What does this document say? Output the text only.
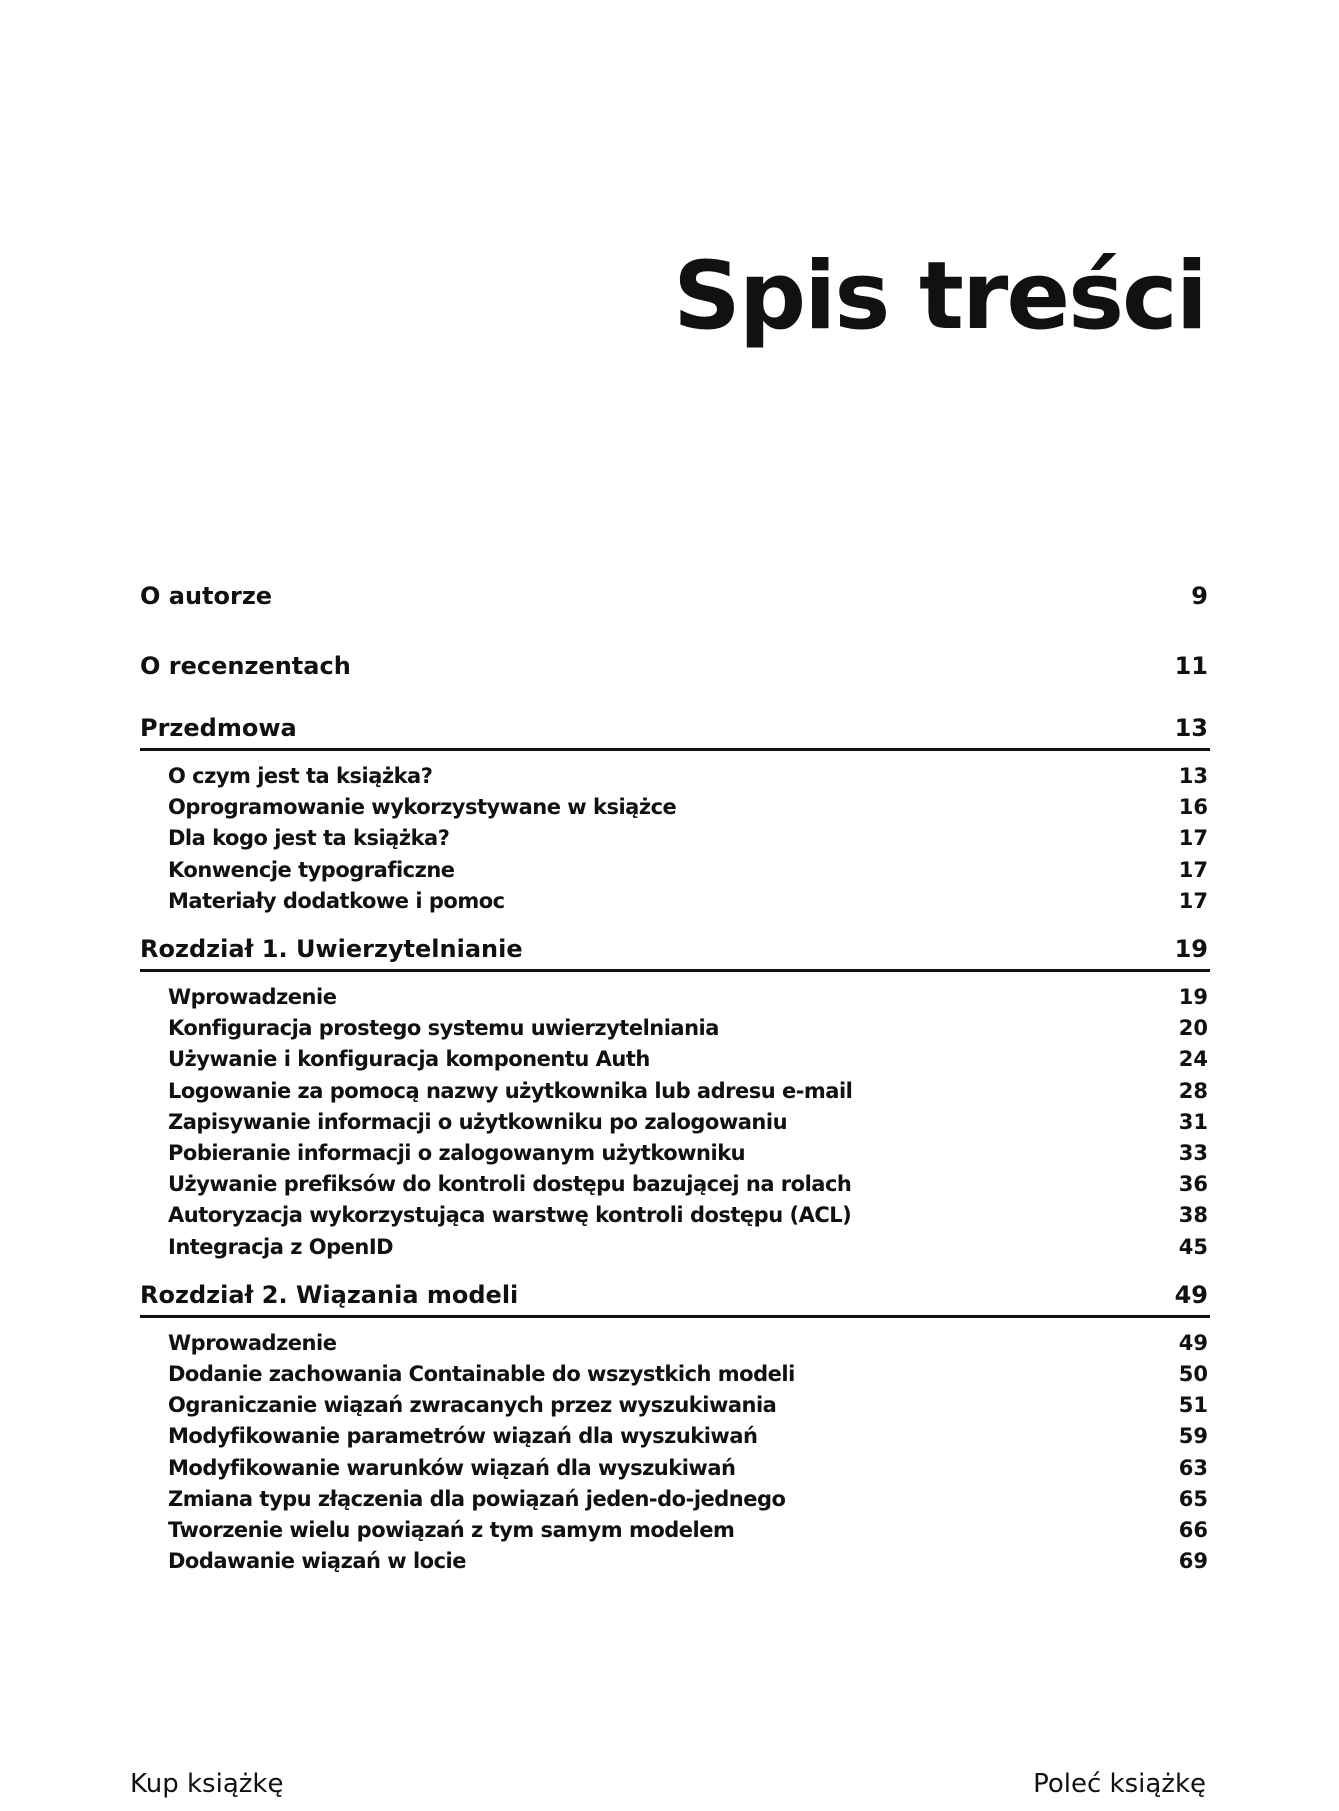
Spis treści
O autorze	9
O recenzentach	11
Przedmowa	13
O czym jest ta książka?	13
Oprogramowanie wykorzystywane w książce	16
Dla kogo jest ta książka?	17
Konwencje typograficzne	17
Materiały dodatkowe i pomoc	17
Rozdział 1. Uwierzytelnianie	19
Wprowadzenie	19
Konfiguracja prostego systemu uwierzytelniania	20
Używanie i konfiguracja komponentu Auth	24
Logowanie za pomocą nazwy użytkownika lub adresu e-mail	28
Zapisywanie informacji o użytkowniku po zalogowaniu	31
Pobieranie informacji o zalogowanym użytkowniku	33
Używanie prefiksów do kontroli dostępu bazującej na rolach	36
Autoryzacja wykorzystująca warstwę kontroli dostępu (ACL)	38
Integracja z OpenID	45
Rozdział 2. Wiązania modeli	49
Wprowadzenie	49
Dodanie zachowania Containable do wszystkich modeli	50
Ograniczanie wiązań zwracanych przez wyszukiwania	51
Modyfikowanie parametrów wiązań dla wyszukiwań	59
Modyfikowanie warunków wiązań dla wyszukiwań	63
Zmiana typu złączenia dla powiązań jeden-do-jednego	65
Tworzenie wielu powiązań z tym samym modelem	66
Dodawanie wiązań w locie	69
Kup książkę	Poleć książkę
